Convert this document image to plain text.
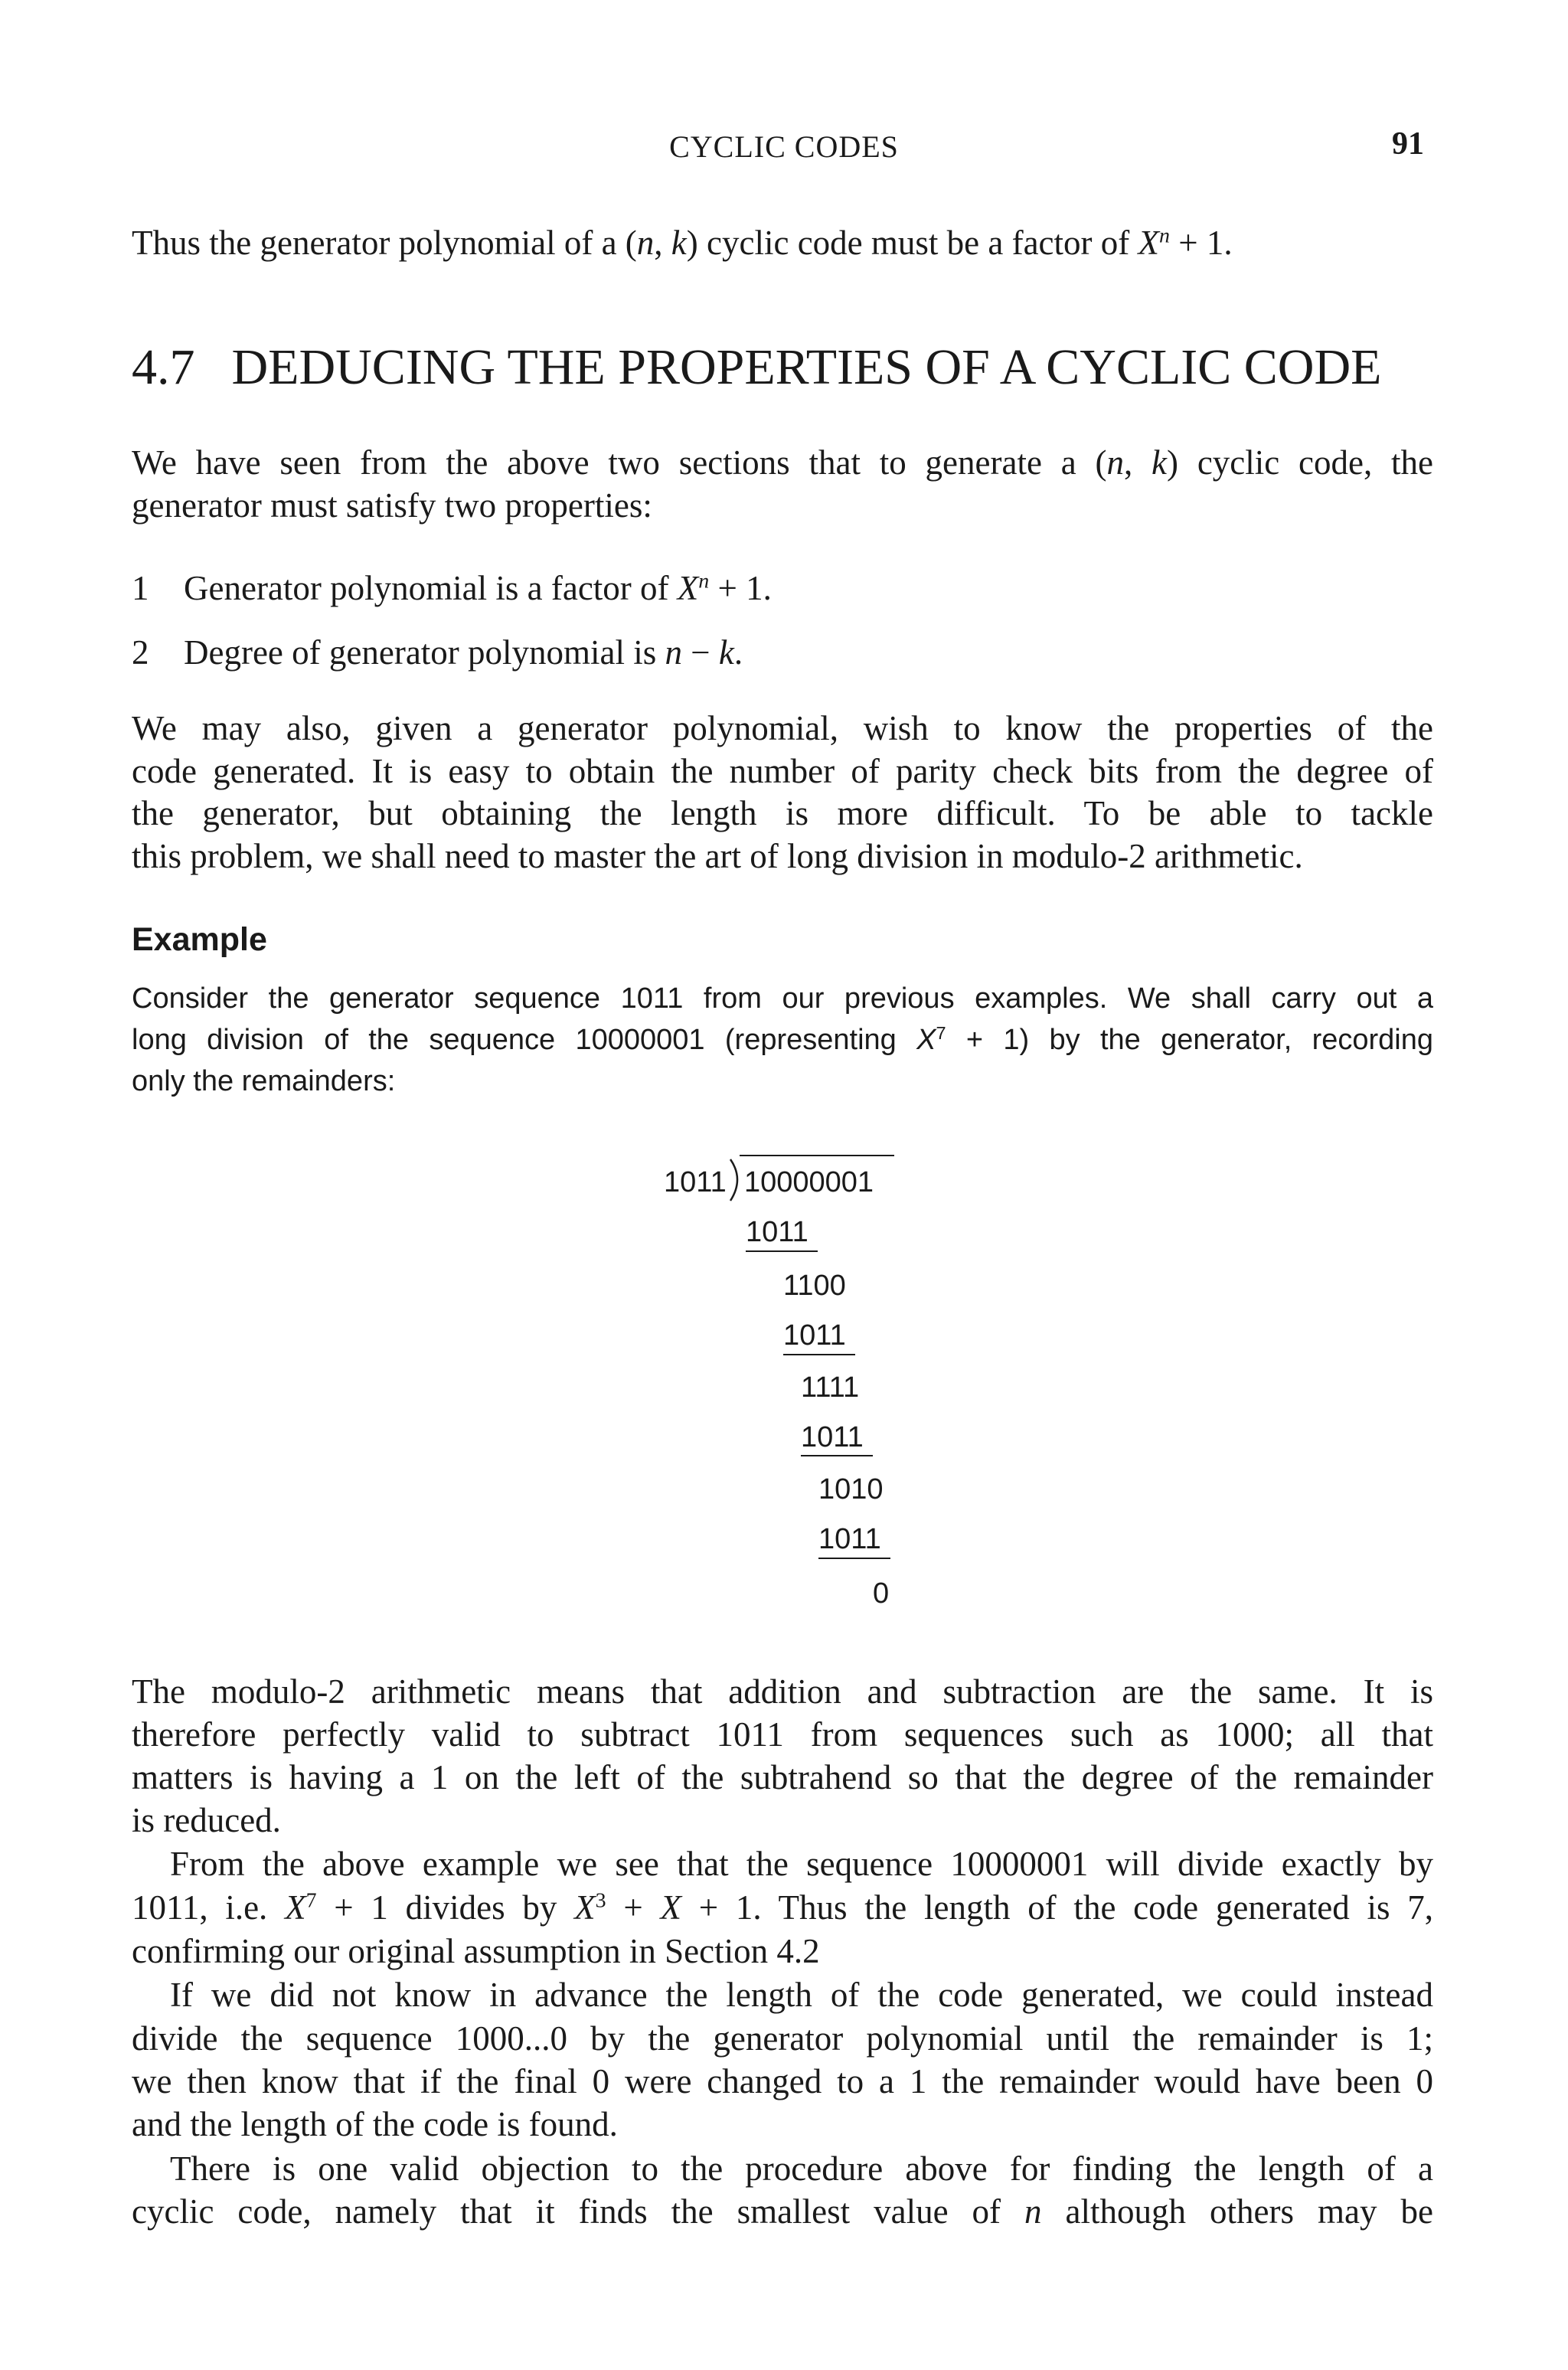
CYCLIC CODES	91
Thus the generator polynomial of a (n, k) cyclic code must be a factor of $X^n + 1$.
4.7 DEDUCING THE PROPERTIES OF A CYCLIC CODE
We have seen from the above two sections that to generate a (n, k) cyclic code, the
generator must satisfy two properties:
1 Generator polynomial is a factor of $X^n + 1$.
2 Degree of generator polynomial is n − k.
We may also, given a generator polynomial, wish to know the properties of the
code generated. It is easy to obtain the number of parity check bits from the degree of
the generator, but obtaining the length is more difficult. To be able to tackle
this problem, we shall need to master the art of long division in modulo-2 arithmetic.
Example
Consider the generator sequence 1011 from our previous examples. We shall carry out a
long division of the sequence 10000001 (representing $X^7 + 1$) by the generator, recording
only the remainders:
1011 10000001
1011
1100
1011
1111
1011
1010
1011
0
The modulo-2 arithmetic means that addition and subtraction are the same. It is
therefore perfectly valid to subtract 1011 from sequences such as 1000; all that
matters is having a 1 on the left of the subtrahend so that the degree of the remainder
is reduced.
From the above example we see that the sequence 10000001 will divide exactly by
1011, i.e. $X^7 + 1$ divides by $X^3 + X + 1$. Thus the length of the code generated is 7,
confirming our original assumption in Section 4.2
If we did not know in advance the length of the code generated, we could instead
divide the sequence 1000...0 by the generator polynomial until the remainder is 1;
we then know that if the final 0 were changed to a 1 the remainder would have been 0
and the length of the code is found.
There is one valid objection to the procedure above for finding the length of a
cyclic code, namely that it finds the smallest value of n although others may be
